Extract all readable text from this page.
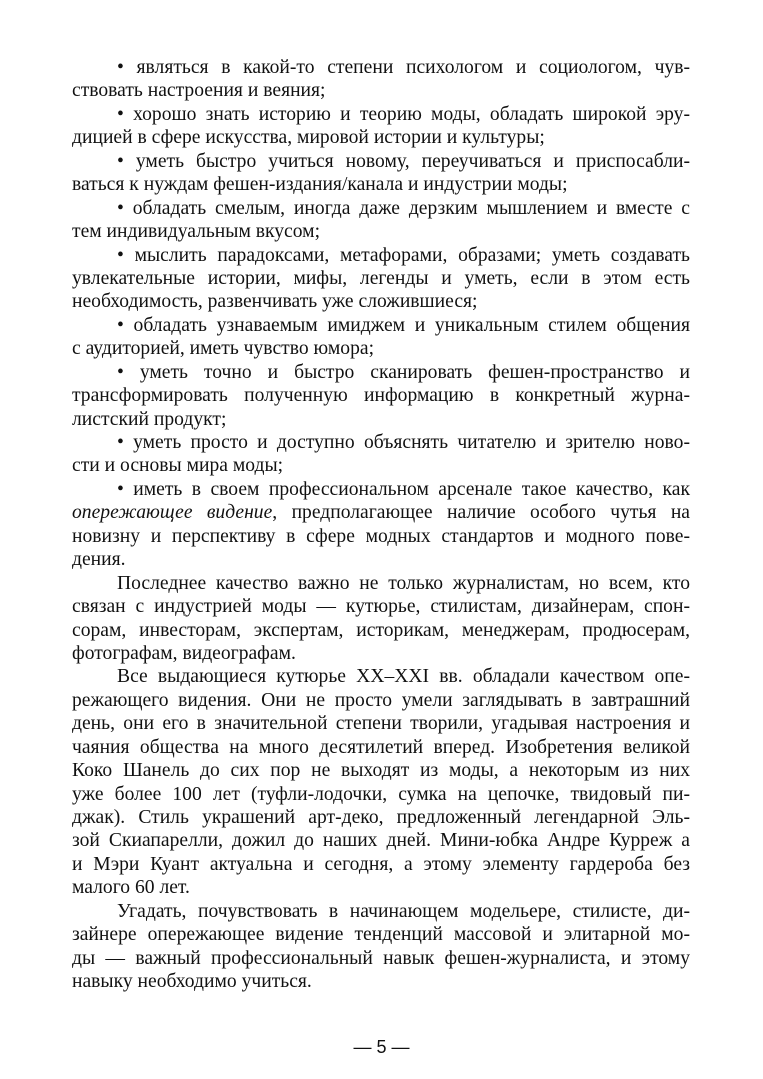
• являться в какой-то степени психологом и социологом, чув-
ствовать настроения и веяния;
• хорошо знать историю и теорию моды, обладать широкой эру-
дицией в сфере искусства, мировой истории и культуры;
• уметь быстро учиться новому, переучиваться и приспосабли-
ваться к нуждам фешен-издания/канала и индустрии моды;
• обладать смелым, иногда даже дерзким мышлением и вместе с
тем индивидуальным вкусом;
• мыслить парадоксами, метафорами, образами; уметь создавать
увлекательные истории, мифы, легенды и уметь, если в этом есть
необходимость, развенчивать уже сложившиеся;
• обладать узнаваемым имиджем и уникальным стилем общения
с аудиторией, иметь чувство юмора;
• уметь точно и быстро сканировать фешен-пространство и
трансформировать полученную информацию в конкретный журна-
листский продукт;
• уметь просто и доступно объяснять читателю и зрителю ново-
сти и основы мира моды;
• иметь в своем профессиональном арсенале такое качество, как
опережающее видение, предполагающее наличие особого чутья на
новизну и перспективу в сфере модных стандартов и модного пове-
дения.
Последнее качество важно не только журналистам, но всем, кто
связан с индустрией моды — кутюрье, стилистам, дизайнерам, спон-
сорам, инвесторам, экспертам, историкам, менеджерам, продюсерам,
фотографам, видеографам.
Все выдающиеся кутюрье XX–XXI вв. обладали качеством опе-
режающего видения. Они не просто умели заглядывать в завтрашний
день, они его в значительной степени творили, угадывая настроения и
чаяния общества на много десятилетий вперед. Изобретения великой
Коко Шанель до сих пор не выходят из моды, а некоторым из них
уже более 100 лет (туфли-лодочки, сумка на цепочке, твидовый пи-
джак). Стиль украшений арт-деко, предложенный легендарной Эль-
зой Скиапарелли, дожил до наших дней. Мини-юбка Андре Курреж а
и Мэри Куант актуальна и сегодня, а этому элементу гардероба без
малого 60 лет.
Угадать, почувствовать в начинающем модельере, стилисте, ди-
зайнере опережающее видение тенденций массовой и элитарной мо-
ды — важный профессиональный навык фешен-журналиста, и этому
навыку необходимо учиться.
— 5 —
